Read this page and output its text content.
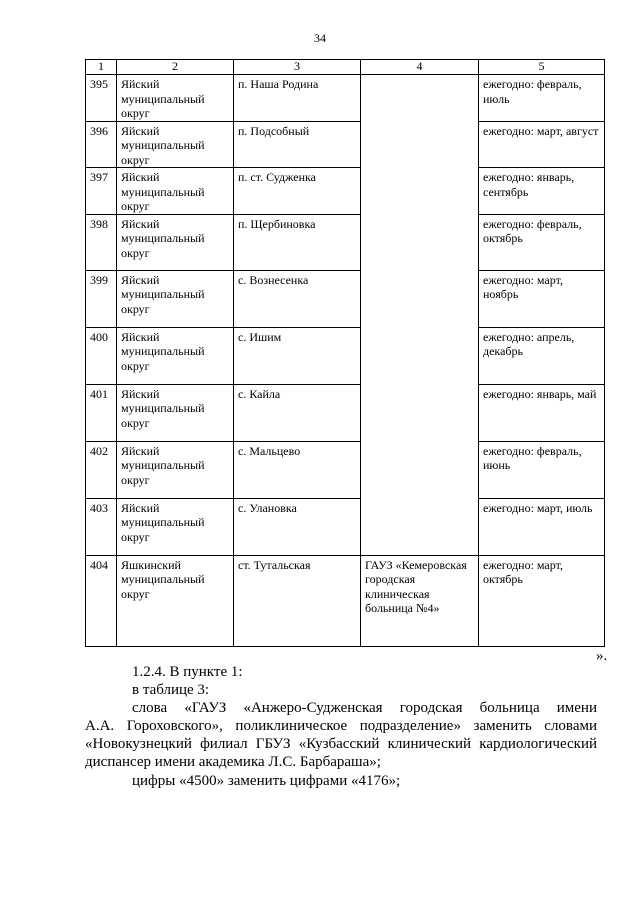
34
1	2	3	4	5
395	Яйский муниципальный округ	п. Наша Родина		ежегодно: февраль, июль
396	Яйский муниципальный округ	п. Подсобный		ежегодно: март, август
397	Яйский муниципальный округ	п. ст. Судженка		ежегодно: январь, сентябрь
398	Яйский муниципальный округ	п. Щербиновка		ежегодно: февраль, октябрь
399	Яйский муниципальный округ	с. Вознесенка		ежегодно: март, ноябрь
400	Яйский муниципальный округ	с. Ишим		ежегодно: апрель, декабрь
401	Яйский муниципальный округ	с. Кайла		ежегодно: январь, май
402	Яйский муниципальный округ	с. Мальцево		ежегодно: февраль, июнь
403	Яйский муниципальный округ	с. Улановка		ежегодно: март, июль
404	Яшкинский муниципальный округ	ст. Тутальская	ГАУЗ «Кемеровская городская клиническая больница №4»	ежегодно: март, октябрь
».

1.2.4. В пункте 1:

в таблице 3:

слова «ГАУЗ «Анжеро-Судженская городская больница имени

А.А. Гороховского», поликлиническое подразделение» заменить словами

«Новокузнецкий филиал ГБУЗ «Кузбасский клинический кардиологический

диспансер имени академика Л.С. Барбараша»;

цифры «4500» заменить цифрами «4176»;
